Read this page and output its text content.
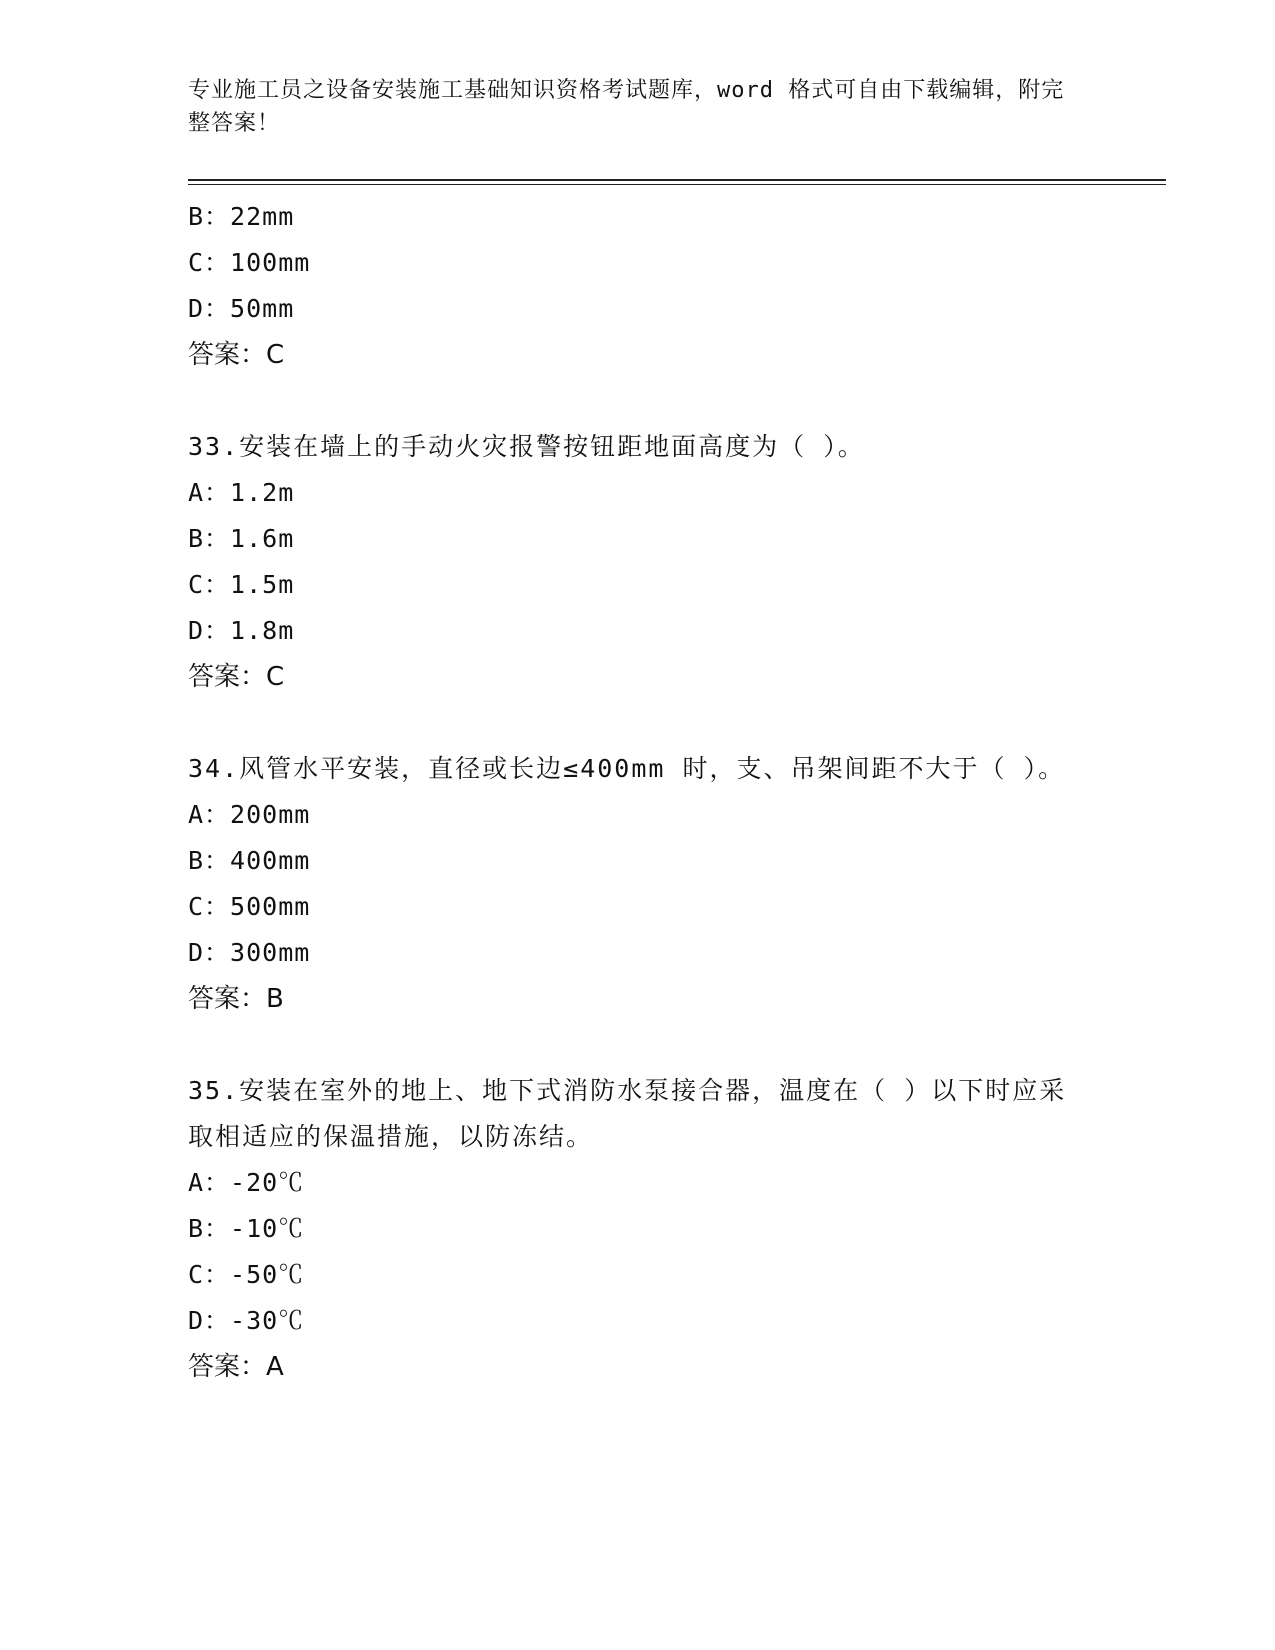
专业施工员之设备安装施工基础知识资格考试题库，word 格式可自由下载编辑，附完整答案！
B：22mm
C：100mm
D：50mm
答案：C
33.安装在墙上的手动火灾报警按钮距地面高度为（ ）。
A：1.2m
B：1.6m
C：1.5m
D：1.8m
答案：C
34.风管水平安装，直径或长边≤400mm 时，支、吊架间距不大于（ ）。
A：200mm
B：400mm
C：500mm
D：300mm
答案：B
35.安装在室外的地上、地下式消防水泵接合器，温度在（ ）以下时应采取相适应的保温措施，以防冻结。
A：-20℃
B：-10℃
C：-50℃
D：-30℃
答案：A
